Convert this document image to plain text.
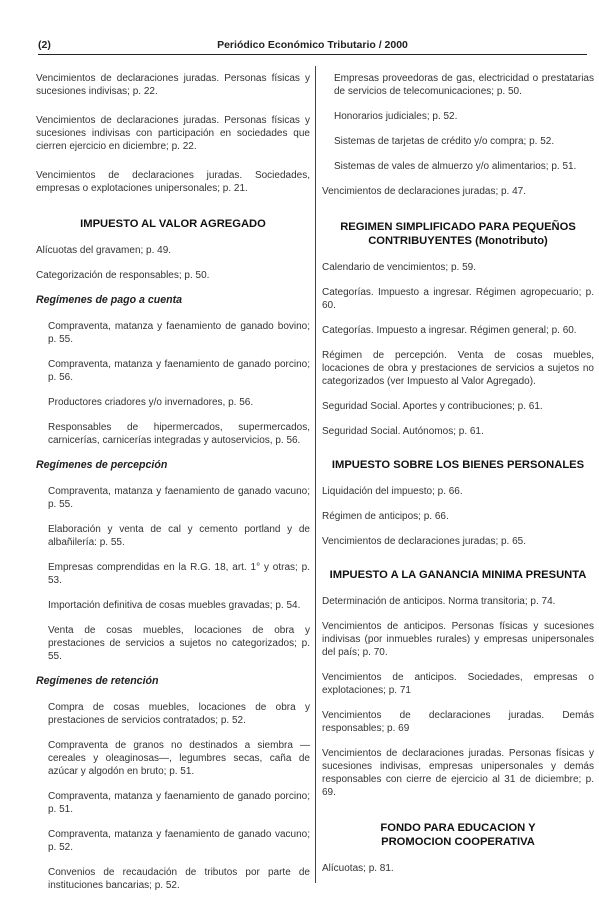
(2)	Periódico Económico Tributario / 2000

Vencimientos de declaraciones juradas. Personas físicas y sucesiones indivisas; p. 22.

Vencimientos de declaraciones juradas. Personas físicas y sucesiones indivisas con participación en sociedades que cierren ejercicio en diciembre; p. 22.

Vencimientos de declaraciones juradas. Sociedades, empresas o explotaciones unipersonales; p. 21.

IMPUESTO AL VALOR AGREGADO

Alícuotas del gravamen; p. 49.

Categorización de responsables; p. 50.

Regímenes de pago a cuenta

Compraventa, matanza y faenamiento de ganado bovino; p. 55.

Compraventa, matanza y faenamiento de ganado porcino; p. 56.

Productores criadores y/o invernadores, p. 56.

Responsables de hipermercados, supermercados, carnicerías, carnicerías integradas y autoservicios, p. 56.

Regímenes de percepción

Compraventa, matanza y faenamiento de ganado vacuno; p. 55.

Elaboración y venta de cal y cemento portland y de albañilería: p. 55.

Empresas comprendidas en la R.G. 18, art. 1° y otras; p. 53.

Importación definitiva de cosas muebles gravadas; p. 54.

Venta de cosas muebles, locaciones de obra y prestaciones de servicios a sujetos no categorizados; p. 55.

Regímenes de retención

Compra de cosas muebles, locaciones de obra y prestaciones de servicios contratados; p. 52.

Compraventa de granos no destinados a siembra —cereales y oleaginosas—, legumbres secas, caña de azúcar y algodón en bruto; p. 51.

Compraventa, matanza y faenamiento de ganado porcino; p. 51.

Compraventa, matanza y faenamiento de ganado vacuno; p. 52.

Convenios de recaudación de tributos por parte de instituciones bancarias; p. 52.

Empresas proveedoras de gas, electricidad o prestatarias de servicios de telecomunicaciones; p. 50.

Honorarios judiciales; p. 52.

Sistemas de tarjetas de crédito y/o compra; p. 52.

Sistemas de vales de almuerzo y/o alimentarios; p. 51.

Vencimientos de declaraciones juradas; p. 47.

REGIMEN SIMPLIFICADO PARA PEQUEÑOS CONTRIBUYENTES (Monotributo)

Calendario de vencimientos; p. 59.

Categorías. Impuesto a ingresar. Régimen agropecuario; p. 60.

Categorías. Impuesto a ingresar. Régimen general; p. 60.

Régimen de percepción. Venta de cosas muebles, locaciones de obra y prestaciones de servicios a sujetos no categorizados (ver Impuesto al Valor Agregado).

Seguridad Social. Aportes y contribuciones; p. 61.

Seguridad Social. Autónomos; p. 61.

IMPUESTO SOBRE LOS BIENES PERSONALES

Liquidación del impuesto; p. 66.

Régimen de anticipos; p. 66.

Vencimientos de declaraciones juradas; p. 65.

IMPUESTO A LA GANANCIA MINIMA PRESUNTA

Determinación de anticipos. Norma transitoria; p. 74.

Vencimientos de anticipos. Personas físicas y sucesiones indivisas (por inmuebles rurales) y empresas unipersonales del país; p. 70.

Vencimientos de anticipos. Sociedades, empresas o explotaciones; p. 71

Vencimientos de declaraciones juradas. Demás responsables; p. 69

Vencimientos de declaraciones juradas. Personas físicas y sucesiones indivisas, empresas unipersonales y demás responsables con cierre de ejercicio al 31 de diciembre; p. 69.

FONDO PARA EDUCACION Y PROMOCION COOPERATIVA

Alícuotas; p. 81.
